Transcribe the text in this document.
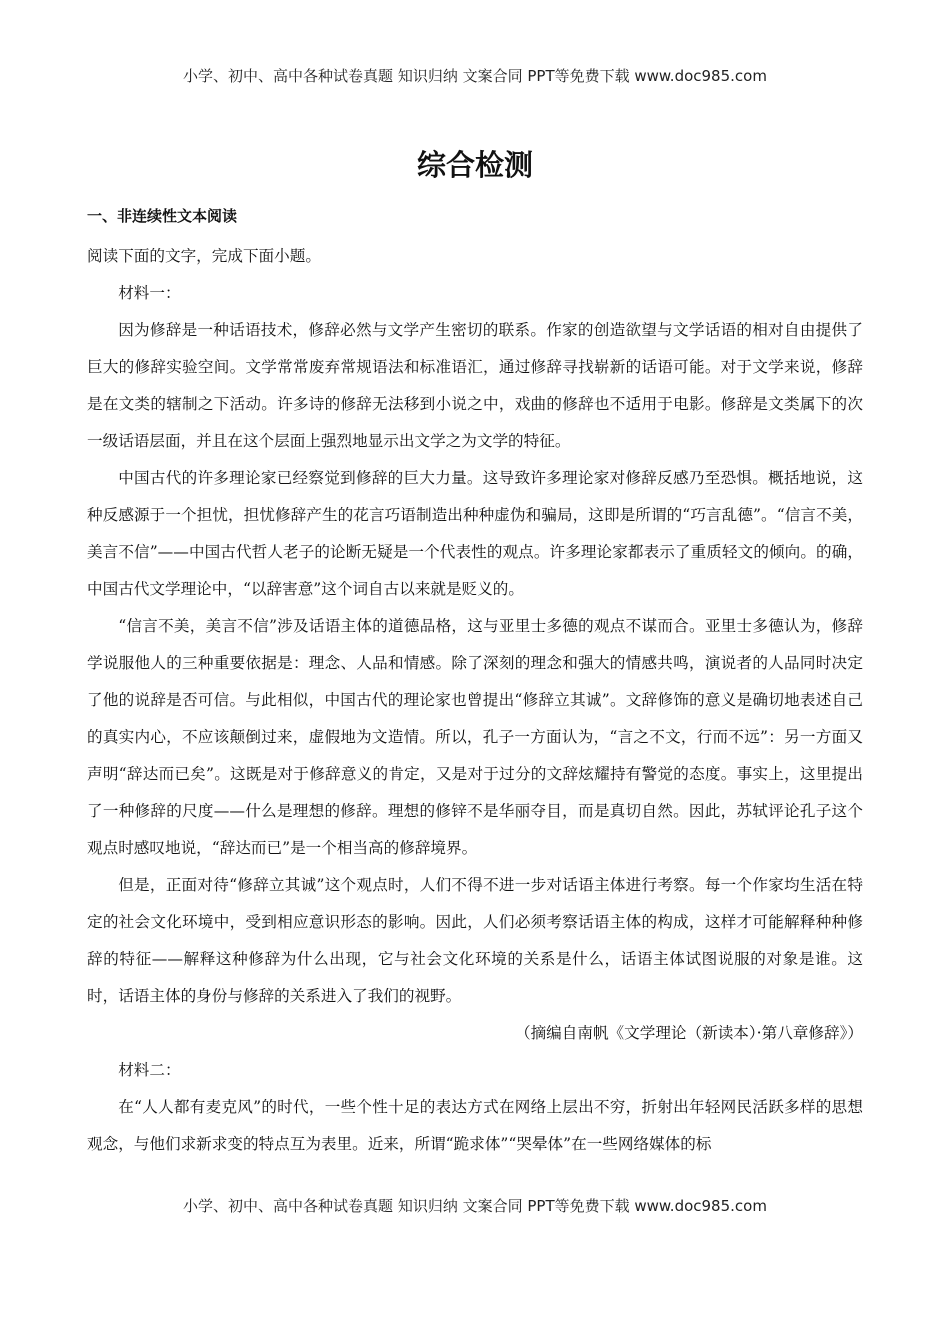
小学、初中、高中各种试卷真题 知识归纳 文案合同 PPT等免费下载 www.doc985.com
综合检测
一、非连续性文本阅读

阅读下面的文字，完成下面小题。

材料一：

因为修辞是一种话语技术，修辞必然与文学产生密切的联系。作家的创造欲望与文学话语的相对自由提供了巨大的修辞实验空间。文学常常废弃常规语法和标准语汇，通过修辞寻找崭新的话语可能。对于文学来说，修辞是在文类的辖制之下活动。许多诗的修辞无法移到小说之中，戏曲的修辞也不适用于电影。修辞是文类属下的次一级话语层面，并且在这个层面上强烈地显示出文学之为文学的特征。

中国古代的许多理论家已经察觉到修辞的巨大力量。这导致许多理论家对修辞反感乃至恐惧。概括地说，这种反感源于一个担忧，担忧修辞产生的花言巧语制造出种种虚伪和骗局，这即是所谓的“巧言乱德”。“信言不美，美言不信”——中国古代哲人老子的论断无疑是一个代表性的观点。许多理论家都表示了重质轻文的倾向。的确，中国古代文学理论中，“以辞害意”这个词自古以来就是贬义的。

“信言不美，美言不信”涉及话语主体的道德品格，这与亚里士多德的观点不谋而合。亚里士多德认为，修辞学说服他人的三种重要依据是：理念、人品和情感。除了深刻的理念和强大的情感共鸣，演说者的人品同时决定了他的说辞是否可信。与此相似，中国古代的理论家也曾提出“修辞立其诚”。文辞修饰的意义是确切地表述自己的真实内心，不应该颠倒过来，虚假地为文造情。所以，孔子一方面认为，“言之不文，行而不远”：另一方面又声明“辞达而已矣”。这既是对于修辞意义的肯定，又是对于过分的文辞炫耀持有警觉的态度。事实上，这里提出了一种修辞的尺度——什么是理想的修辞。理想的修锌不是华丽夺目，而是真切自然。因此，苏轼评论孔子这个观点时感叹地说，“辞达而已”是一个相当高的修辞境界。

但是，正面对待“修辞立其诚”这个观点时，人们不得不进一步对话语主体进行考察。每一个作家均生活在特定的社会文化环境中，受到相应意识形态的影响。因此，人们必须考察话语主体的构成，这样才可能解释种种修辞的特征——解释这种修辞为什么出现，它与社会文化环境的关系是什么，话语主体试图说服的对象是谁。这时，话语主体的身份与修辞的关系进入了我们的视野。

（摘编自南帆《文学理论（新读本）·第八章修辞》）

材料二：

在“人人都有麦克风”的时代，一些个性十足的表达方式在网络上层出不穷，折射出年轻网民活跃多样的思想观念，与他们求新求变的特点互为表里。近来，所谓“跪求体”“哭晕体”在一些网络媒体的标

小学、初中、高中各种试卷真题 知识归纳 文案合同 PPT等免费下载 www.doc985.com
